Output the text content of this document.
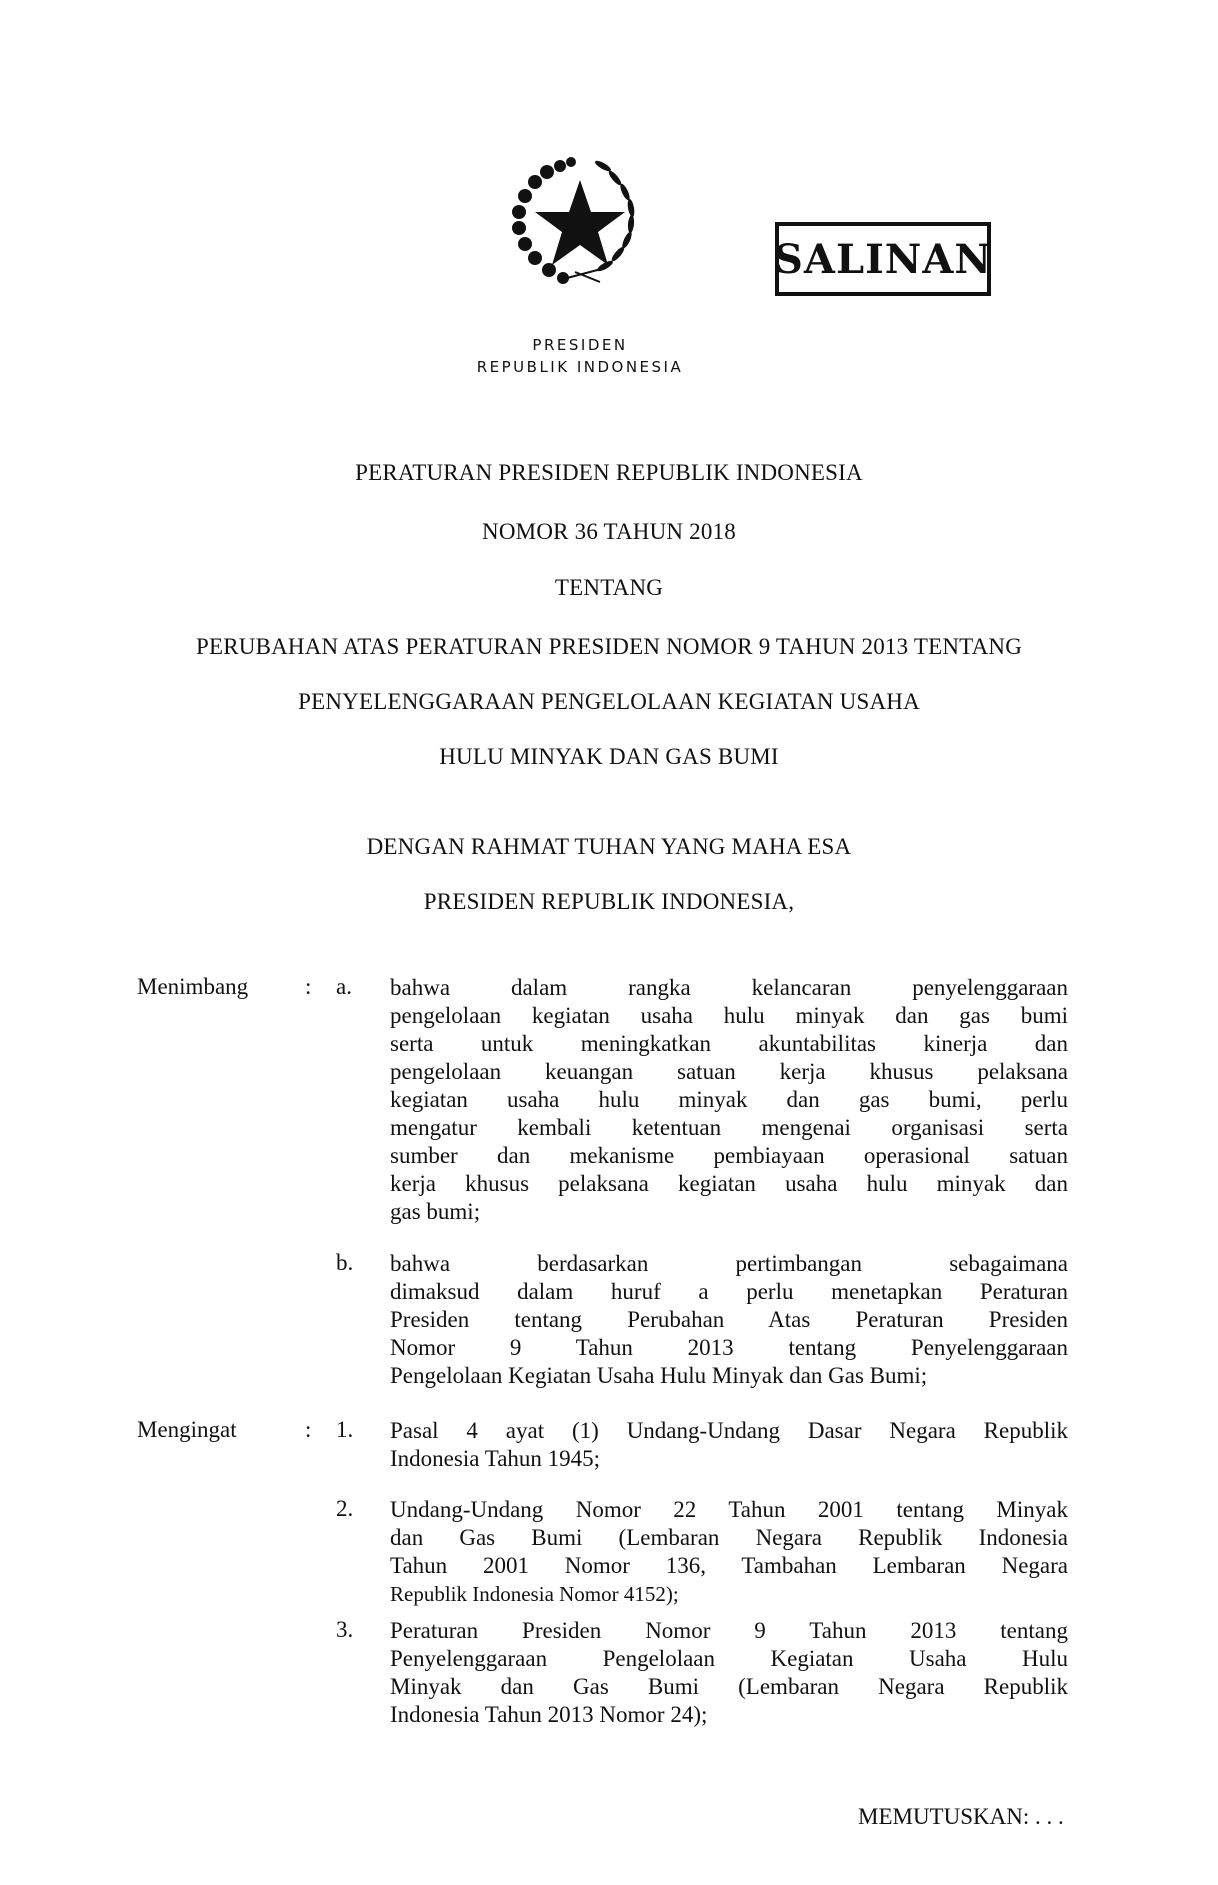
SALINAN
PRESIDEN
REPUBLIK INDONESIA
PERATURAN PRESIDEN REPUBLIK INDONESIA
NOMOR 36 TAHUN 2018
TENTANG
PERUBAHAN ATAS PERATURAN PRESIDEN NOMOR 9 TAHUN 2013 TENTANG
PENYELENGGARAAN PENGELOLAAN KEGIATAN USAHA
HULU MINYAK DAN GAS BUMI
DENGAN RAHMAT TUHAN YANG MAHA ESA
PRESIDEN REPUBLIK INDONESIA,
Menimbang : a. bahwa dalam rangka kelancaran penyelenggaraan
pengelolaan kegiatan usaha hulu minyak dan gas bumi
serta untuk meningkatkan akuntabilitas kinerja dan
pengelolaan keuangan satuan kerja khusus pelaksana
kegiatan usaha hulu minyak dan gas bumi, perlu
mengatur kembali ketentuan mengenai organisasi serta
sumber dan mekanisme pembiayaan operasional satuan
kerja khusus pelaksana kegiatan usaha hulu minyak dan
gas bumi;
b. bahwa berdasarkan pertimbangan sebagaimana
dimaksud dalam huruf a perlu menetapkan Peraturan
Presiden tentang Perubahan Atas Peraturan Presiden
Nomor 9 Tahun 2013 tentang Penyelenggaraan
Pengelolaan Kegiatan Usaha Hulu Minyak dan Gas Bumi;
Mengingat	: 1. Pasal 4 ayat (1) Undang-Undang Dasar Negara Republik
Indonesia Tahun 1945;
2. Undang-Undang Nomor 22 Tahun 2001 tentang Minyak
dan Gas Bumi (Lembaran Negara Republik Indonesia
Tahun 2001 Nomor 136, Tambahan Lembaran Negara
Republik Indonesia Nomor 4152);
3. Peraturan Presiden Nomor 9 Tahun 2013 tentang
Penyelenggaraan Pengelolaan Kegiatan Usaha Hulu
Minyak dan Gas Bumi (Lembaran Negara Republik
Indonesia Tahun 2013 Nomor 24);
MEMUTUSKAN: . . .
